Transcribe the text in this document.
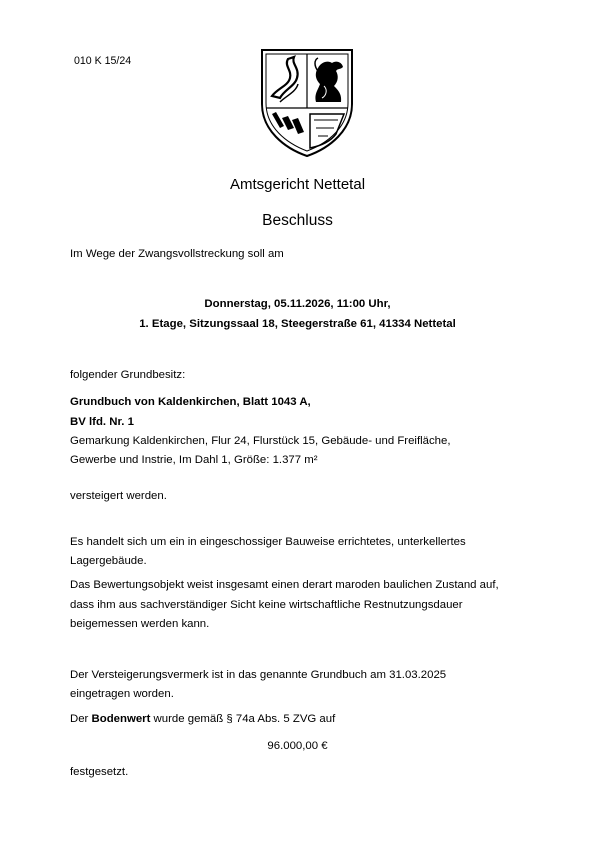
010 K 15/24
Amtsgericht Nettetal
Beschluss
Im Wege der Zwangsvollstreckung soll am
Donnerstag, 05.11.2026, 11:00 Uhr,
1. Etage, Sitzungssaal 18, Steegerstraße 61, 41334 Nettetal
folgender Grundbesitz:
Grundbuch von Kaldenkirchen, Blatt 1043 A,
BV lfd. Nr. 1
Gemarkung Kaldenkirchen, Flur 24, Flurstück 15, Gebäude- und Freifläche,
Gewerbe und Instrie, Im Dahl 1, Größe: 1.377 m²
versteigert werden.
Es handelt sich um ein in eingeschossiger Bauweise errichtetes, unterkellertes
Lagergebäude.
Das Bewertungsobjekt weist insgesamt einen derart maroden baulichen Zustand auf,
dass ihm aus sachverständiger Sicht keine wirtschaftliche Restnutzungsdauer
beigemessen werden kann.
Der Versteigerungsvermerk ist in das genannte Grundbuch am 31.03.2025
eingetragen worden.
Der Bodenwert wurde gemäß § 74a Abs. 5 ZVG auf
96.000,00 €
festgesetzt.
